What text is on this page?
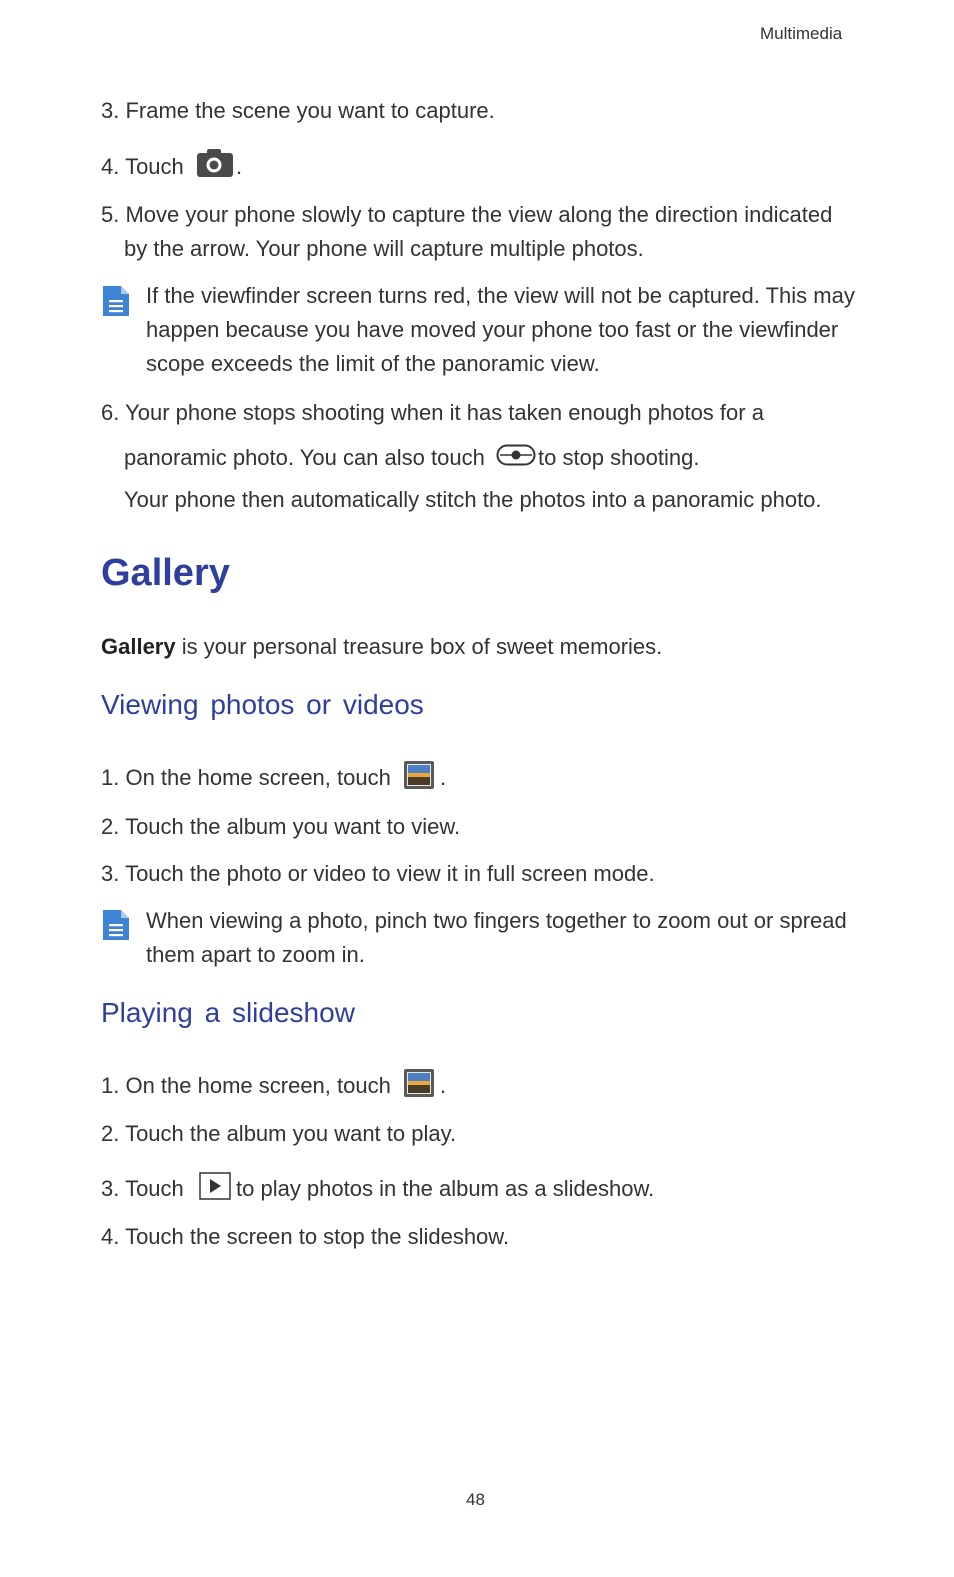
Multimedia
3. Frame the scene you want to capture.
4. Touch .
5. Move your phone slowly to capture the view along the direction indicated
by the arrow. Your phone will capture multiple photos.
If the viewfinder screen turns red, the view will not be captured. This may happen because you have moved your phone too fast or the viewfinder scope exceeds the limit of the panoramic view.
6. Your phone stops shooting when it has taken enough photos for a
panoramic photo. You can also touch to stop shooting.
Your phone then automatically stitch the photos into a panoramic photo.
Gallery
Gallery is your personal treasure box of sweet memories.
Viewing photos or videos
1. On the home screen, touch .
2. Touch the album you want to view.
3. Touch the photo or video to view it in full screen mode.
When viewing a photo, pinch two fingers together to zoom out or spread them apart to zoom in.
Playing a slideshow
1. On the home screen, touch .
2. Touch the album you want to play.
3. Touch to play photos in the album as a slideshow.
4. Touch the screen to stop the slideshow.
48
